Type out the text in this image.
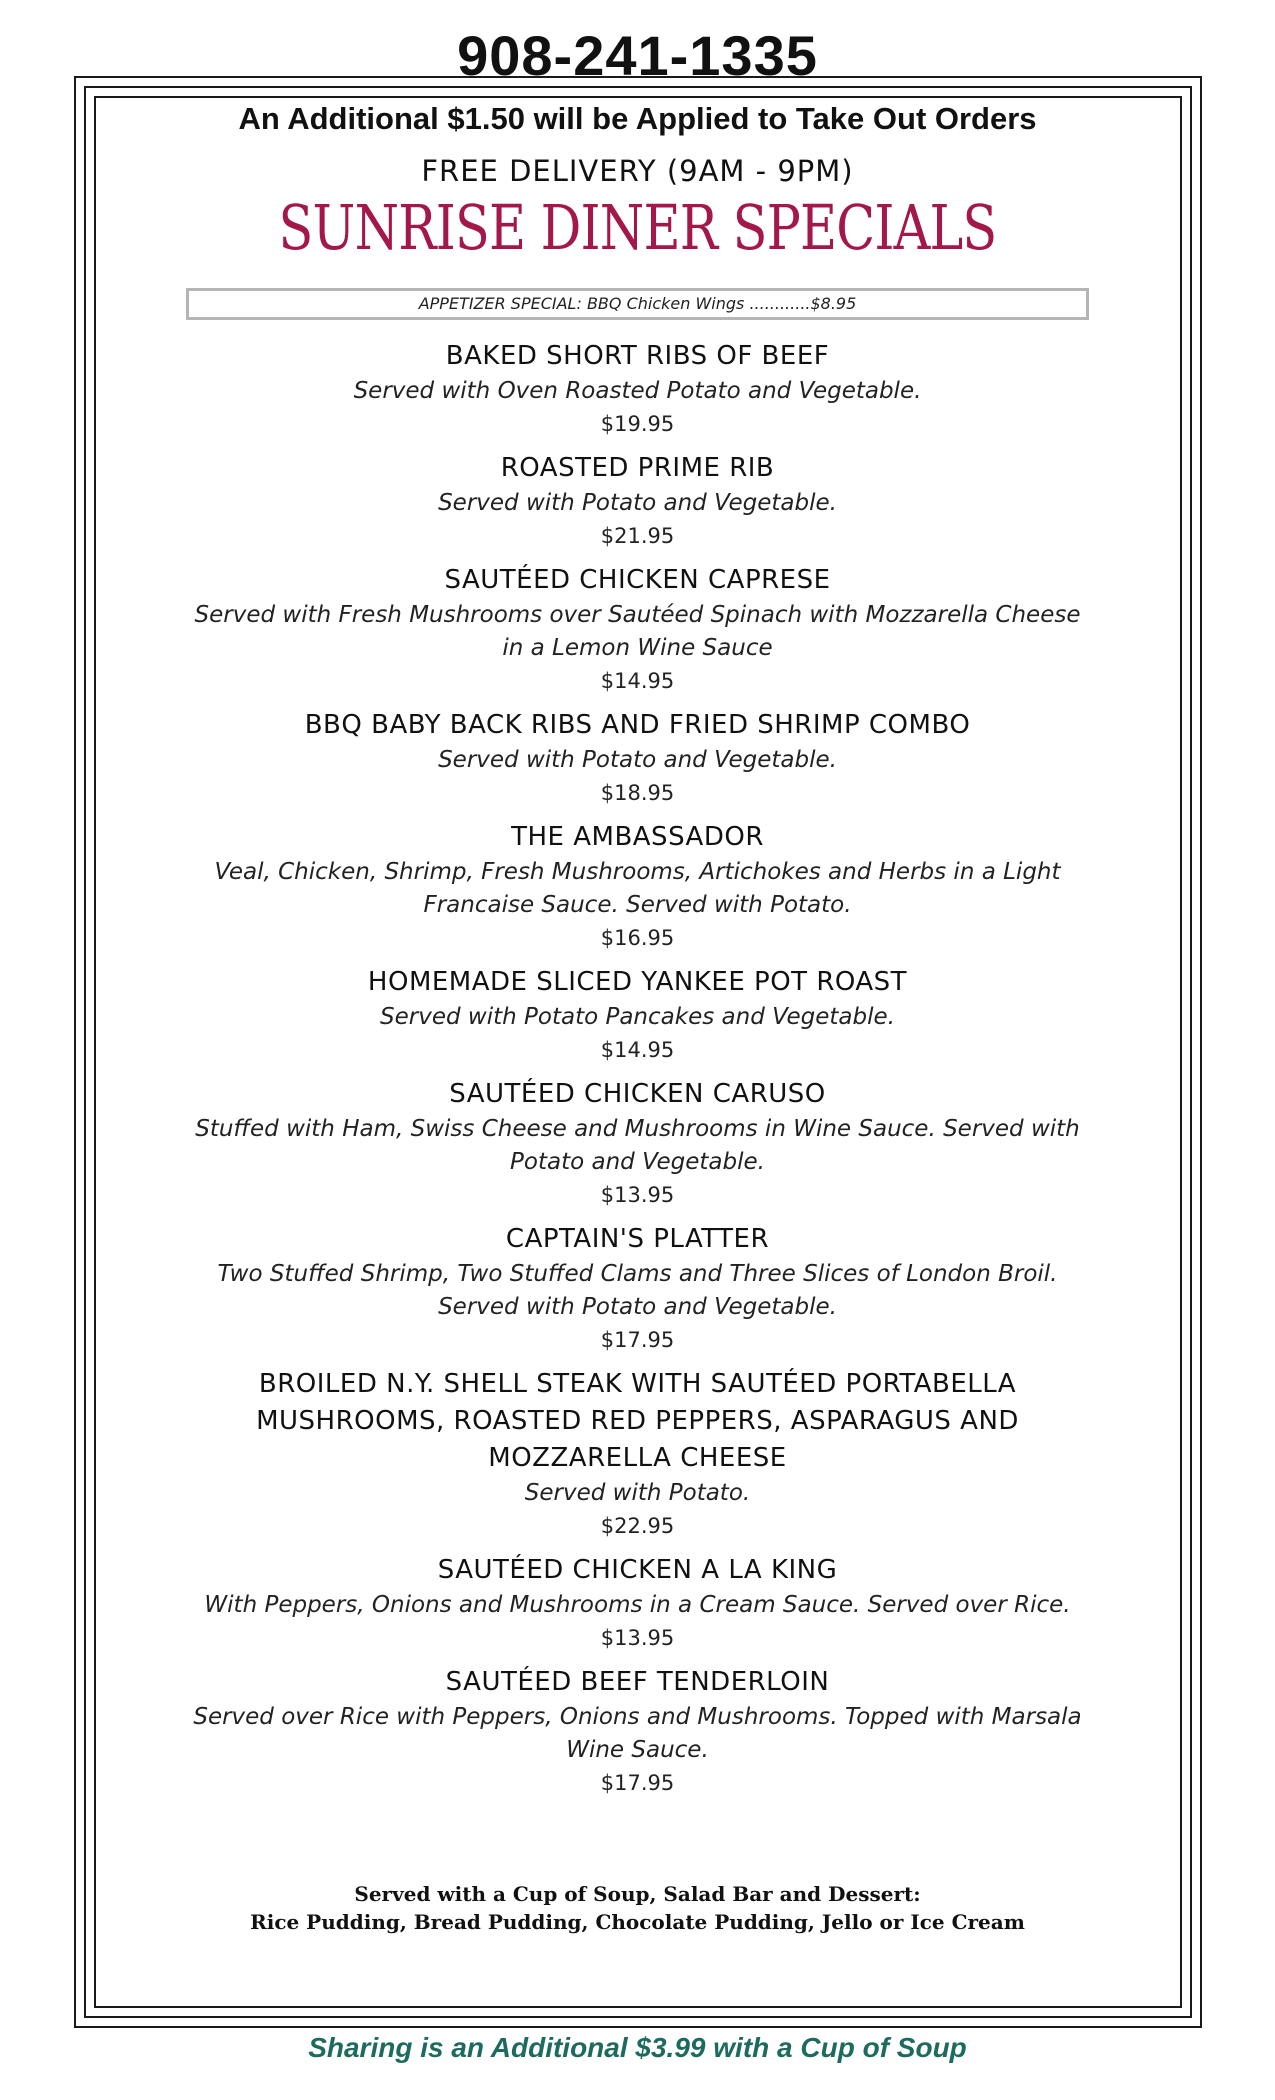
908-241-1335
An Additional $1.50 will be Applied to Take Out Orders
FREE DELIVERY (9AM - 9PM)
SUNRISE DINER SPECIALS
APPETIZER SPECIAL: BBQ Chicken Wings ............$8.95
BAKED SHORT RIBS OF BEEF
Served with Oven Roasted Potato and Vegetable.
$19.95
ROASTED PRIME RIB
Served with Potato and Vegetable.
$21.95
SAUTÉED CHICKEN CAPRESE
Served with Fresh Mushrooms over Sautéed Spinach with Mozzarella Cheese
in a Lemon Wine Sauce
$14.95
BBQ BABY BACK RIBS AND FRIED SHRIMP COMBO
Served with Potato and Vegetable.
$18.95
THE AMBASSADOR
Veal, Chicken, Shrimp, Fresh Mushrooms, Artichokes and Herbs in a Light
Francaise Sauce. Served with Potato.
$16.95
HOMEMADE SLICED YANKEE POT ROAST
Served with Potato Pancakes and Vegetable.
$14.95
SAUTÉED CHICKEN CARUSO
Stuffed with Ham, Swiss Cheese and Mushrooms in Wine Sauce. Served with
Potato and Vegetable.
$13.95
CAPTAIN'S PLATTER
Two Stuffed Shrimp, Two Stuffed Clams and Three Slices of London Broil.
Served with Potato and Vegetable.
$17.95
BROILED N.Y. SHELL STEAK WITH SAUTÉED PORTABELLA
MUSHROOMS, ROASTED RED PEPPERS, ASPARAGUS AND
MOZZARELLA CHEESE
Served with Potato.
$22.95
SAUTÉED CHICKEN A LA KING
With Peppers, Onions and Mushrooms in a Cream Sauce. Served over Rice.
$13.95
SAUTÉED BEEF TENDERLOIN
Served over Rice with Peppers, Onions and Mushrooms. Topped with Marsala
Wine Sauce.
$17.95
Served with a Cup of Soup, Salad Bar and Dessert:
Rice Pudding, Bread Pudding, Chocolate Pudding, Jello or Ice Cream
Sharing is an Additional $3.99 with a Cup of Soup
